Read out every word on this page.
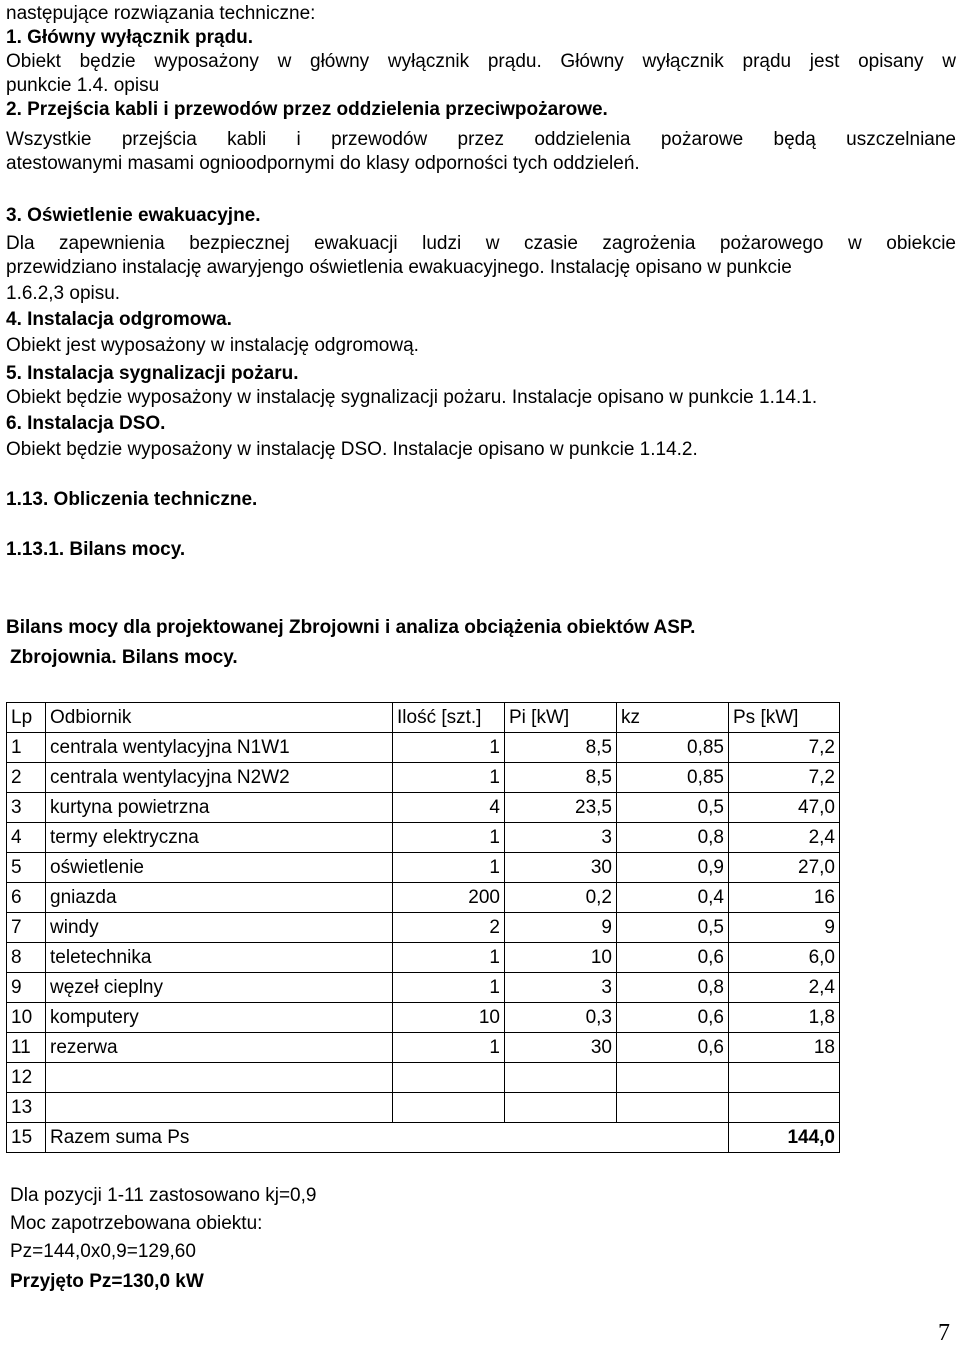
następujące rozwiązania techniczne:
1. Główny wyłącznik prądu.
Obiekt będzie wyposażony w główny wyłącznik prądu. Główny wyłącznik prądu jest opisany w
punkcie 1.4. opisu
2. Przejścia kabli i przewodów przez oddzielenia przeciwpożarowe.
Wszystkie przejścia kabli i przewodów przez oddzielenia pożarowe będą uszczelniane
atestowanymi masami ognioodpornymi do klasy odporności tych oddzieleń.
3. Oświetlenie ewakuacyjne.
Dla zapewnienia bezpiecznej ewakuacji ludzi w czasie zagrożenia pożarowego w obiekcie
przewidziano instalację awaryjengo oświetlenia ewakuacyjnego. Instalację opisano w punkcie
1.6.2,3 opisu.
4. Instalacja odgromowa.
Obiekt jest wyposażony w instalację odgromową.
5. Instalacja sygnalizacji pożaru.
Obiekt będzie wyposażony w instalację sygnalizacji pożaru. Instalacje opisano w punkcie 1.14.1.
6. Instalacja DSO.
Obiekt będzie wyposażony w instalację DSO. Instalacje opisano w punkcie 1.14.2.
1.13. Obliczenia techniczne.
1.13.1. Bilans mocy.
Bilans mocy dla projektowanej Zbrojowni i analiza obciążenia obiektów ASP.
Zbrojownia. Bilans mocy.
Lp	Odbiornik	Ilość [szt.]	Pi [kW]	kz	Ps [kW]
1	centrala wentylacyjna N1W1	1	8,5	0,85	7,2
2	centrala wentylacyjna N2W2	1	8,5	0,85	7,2
3	kurtyna powietrzna	4	23,5	0,5	47,0
4	termy elektryczna	1	3	0,8	2,4
5	oświetlenie	1	30	0,9	27,0
6	gniazda	200	0,2	0,4	16
7	windy	2	9	0,5	9
8	teletechnika	1	10	0,6	6,0
9	węzeł cieplny	1	3	0,8	2,4
10	komputery	10	0,3	0,6	1,8
11	rezerwa	1	30	0,6	18
12					
13					
15	Razem suma Ps				144,0
Dla pozycji 1-11 zastosowano kj=0,9
Moc zapotrzebowana obiektu:
Pz=144,0x0,9=129,60
Przyjęto Pz=130,0 kW
7
